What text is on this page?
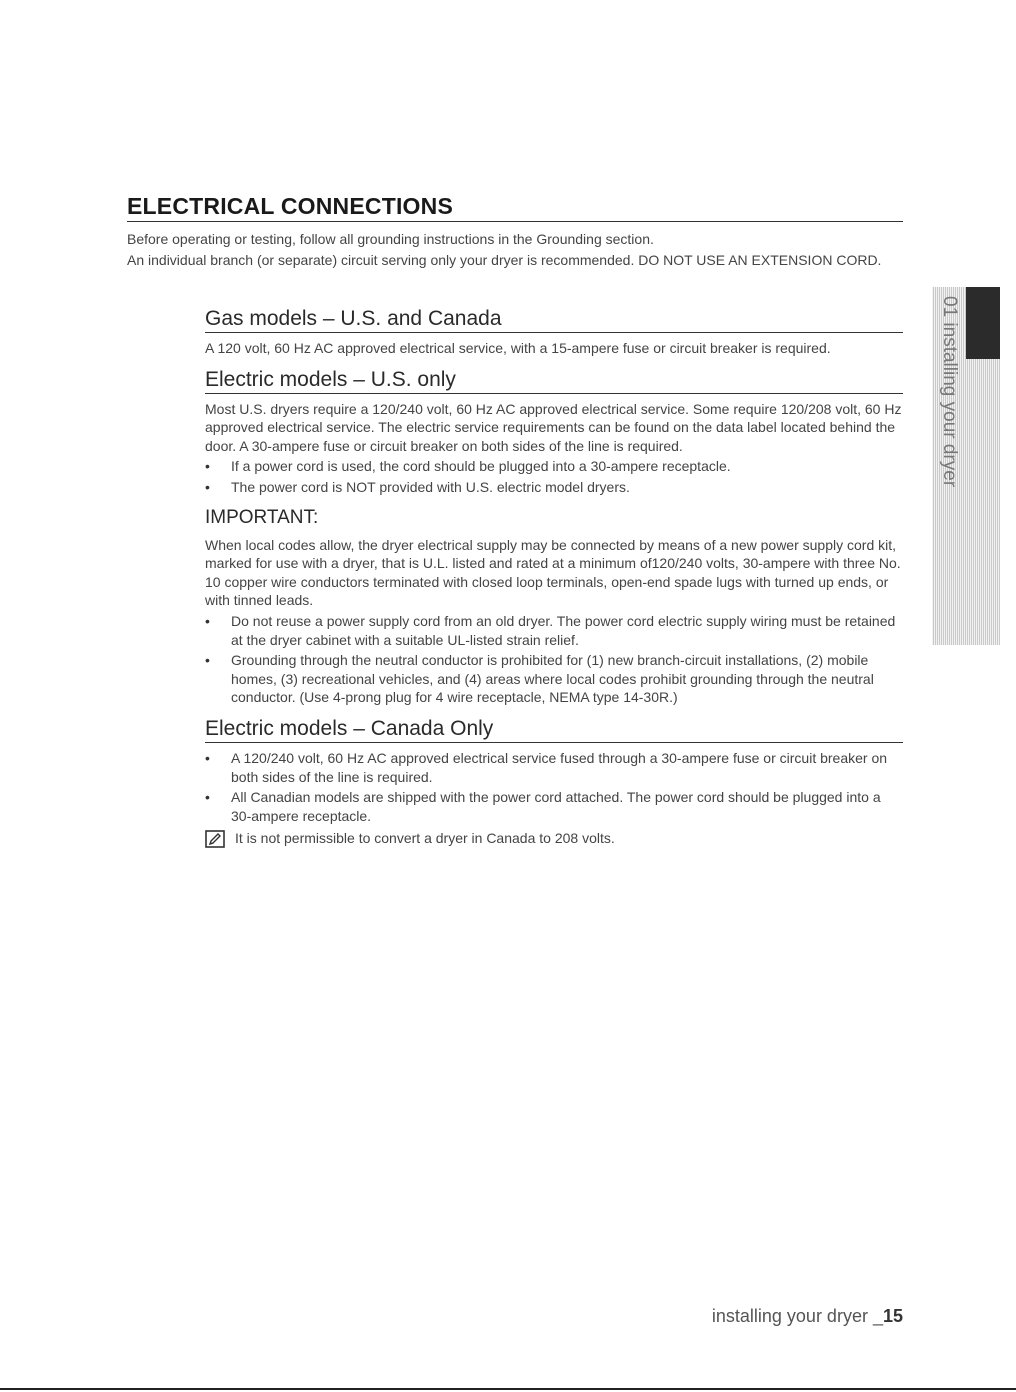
ELECTRICAL CONNECTIONS

Before operating or testing, follow all grounding instructions in the Grounding section.

An individual branch (or separate) circuit serving only your dryer is recommended. DO NOT USE AN EXTENSION CORD.

Gas models – U.S. and Canada

A 120 volt, 60 Hz AC approved electrical service, with a 15-ampere fuse or circuit breaker is required.

Electric models – U.S. only

Most U.S. dryers require a 120/240 volt, 60 Hz AC approved electrical service. Some require 120/208 volt, 60 Hz approved electrical service. The electric service requirements can be found on the data label located behind the door. A 30-ampere fuse or circuit breaker on both sides of the line is required.

• If a power cord is used, the cord should be plugged into a 30-ampere receptacle.
• The power cord is NOT provided with U.S. electric model dryers.
IMPORTANT:

When local codes allow, the dryer electrical supply may be connected by means of a new power supply cord kit, marked for use with a dryer, that is U.L. listed and rated at a minimum of120/240 volts, 30-ampere with three No. 10 copper wire conductors terminated with closed loop terminals, open-end spade lugs with turned up ends, or with tinned leads.

• Do not reuse a power supply cord from an old dryer. The power cord electric supply wiring must be retained at the dryer cabinet with a suitable UL-listed strain relief.
• Grounding through the neutral conductor is prohibited for (1) new branch-circuit installations, (2) mobile homes, (3) recreational vehicles, and (4) areas where local codes prohibit grounding through the neutral conductor. (Use 4-prong plug for 4 wire receptacle, NEMA type 14-30R.)
Electric models – Canada Only
• A 120/240 volt, 60 Hz AC approved electrical service fused through a 30-ampere fuse or circuit breaker on both sides of the line is required.
• All Canadian models are shipped with the power cord attached. The power cord should be plugged into a 30-ampere receptacle.
It is not permissible to convert a dryer in Canada to 208 volts.
01 installing your dryer
installing your dryer _15
